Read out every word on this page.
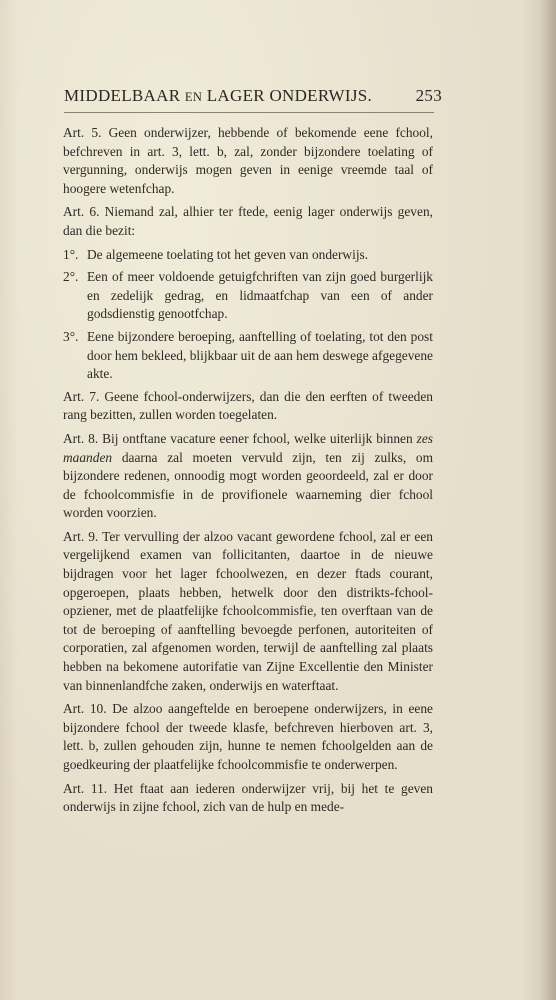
MIDDELBAAR EN LAGER ONDERWIJS.	253

Art. 5. Geen onderwijzer, hebbende of bekomende eene fchool, befchreven in art. 3, lett. b, zal, zonder bijzondere toelating of vergunning, onderwijs mogen geven in eenige vreemde taal of hoogere wetenfchap.

Art. 6. Niemand zal, alhier ter ftede, eenig lager onderwijs geven, dan die bezit:

1°. De algemeene toelating tot het geven van onderwijs.
2°. Een of meer voldoende getuigfchriften van zijn goed burgerlijk en zedelijk gedrag, en lidmaatfchap van een of ander godsdienstig genootfchap.
3°. Eene bijzondere beroeping, aanftelling of toelating, tot den post door hem bekleed, blijkbaar uit de aan hem deswege afgegevene akte.

Art. 7. Geene fchool-onderwijzers, dan die den eerften of tweeden rang bezitten, zullen worden toegelaten.

Art. 8. Bij ontftane vacature eener fchool, welke uiterlijk binnen zes maanden daarna zal moeten vervuld zijn, ten zij zulks, om bijzondere redenen, onnoodig mogt worden geoordeeld, zal er door de fchoolcommisfie in de provifionele waarneming dier fchool worden voorzien.

Art. 9. Ter vervulling der alzoo vacant gewordene fchool, zal er een vergelijkend examen van follicitanten, daartoe in de nieuwe bijdragen voor het lager fchoolwezen, en dezer ftads courant, opgeroepen, plaats hebben, hetwelk door den distrikts-fchool-opziener, met de plaatfelijke fchoolcommisfie, ten overftaan van de tot de beroeping of aanftelling bevoegde perfonen, autoriteiten of corporatien, zal afgenomen worden, terwijl de aanftelling zal plaats hebben na bekomene autorifatie van Zijne Excellentie den Minister van binnenlandfche zaken, onderwijs en waterftaat.

Art. 10. De alzoo aangeftelde en beroepene onderwijzers, in eene bijzondere fchool der tweede klasfe, befchreven hierboven art. 3, lett. b, zullen gehouden zijn, hunne te nemen fchoolgelden aan de goedkeuring der plaatfelijke fchoolcommisfie te onderwerpen.

Art. 11. Het ftaat aan iederen onderwijzer vrij, bij het te geven onderwijs in zijne fchool, zich van de hulp en mede-
